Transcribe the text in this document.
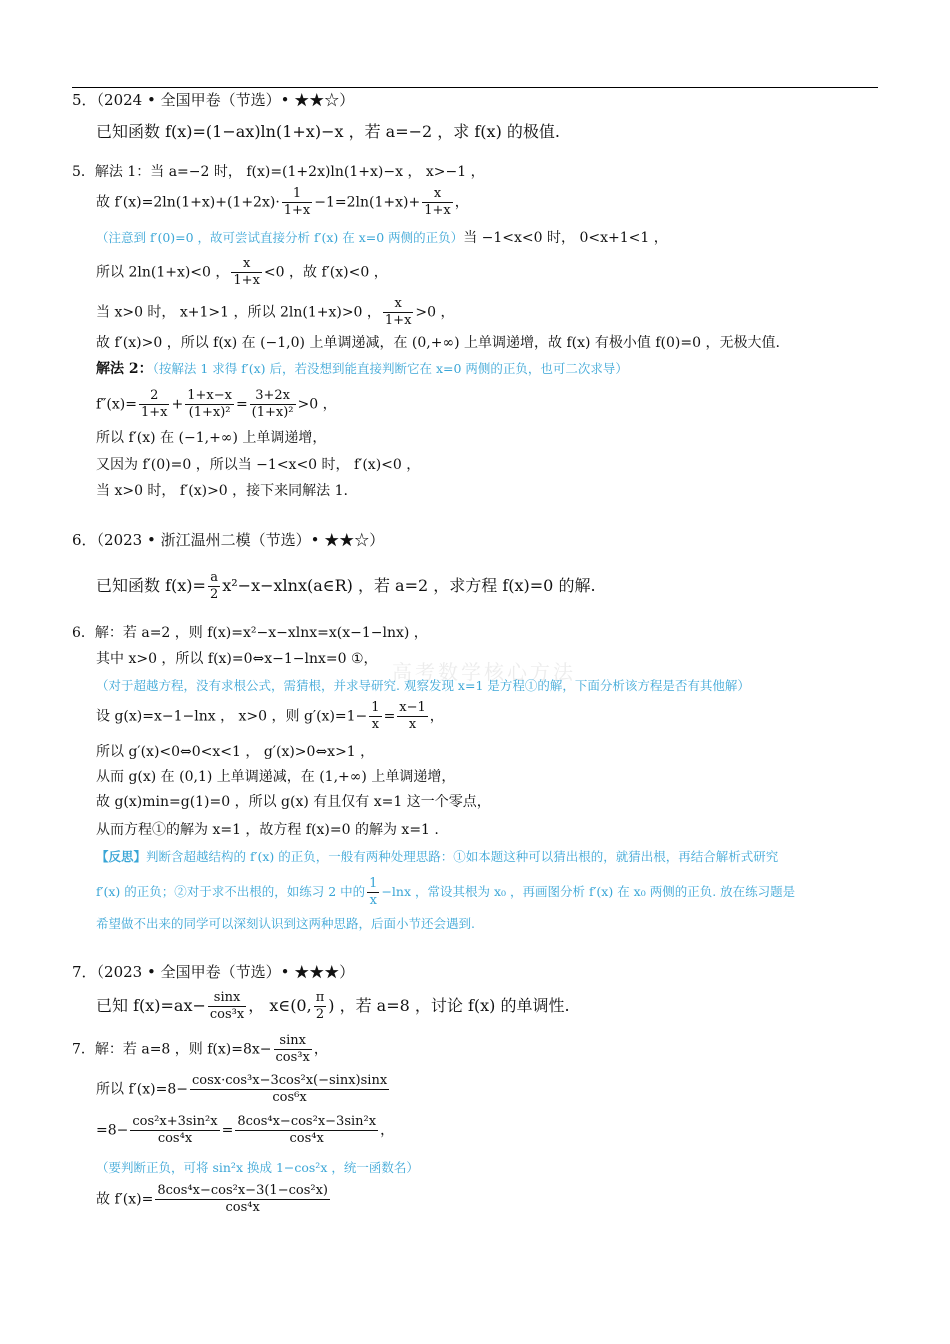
高考数学核心方法
5．（2024 • 全国甲卷（节选）• ★★☆）
已知函数 f(x)=(1−ax)ln(1+x)−x ，若 a=−2 ，求 f(x) 的极值.
5．解法 1：当 a=−2 时， f(x)=(1+2x)ln(1+x)−x ， x>−1 ，
故 $f'(x)=2\ln(1+x)+(1+2x)\cdot \frac{1}{1+x} -1=2\ln(1+x)+ \frac{x}{1+x}$ ，
（注意到 f′(0)=0 ，故可尝试直接分析 f′(x) 在 x=0 两侧的正负）当 −1<x<0 时， 0<x+1<1 ，
所以 2ln(1+x)<0 ， $\frac{x}{1+x} <0$ ，故 f′(x)<0 ，
当 x>0 时， x+1>1 ，所以 2ln(1+x)>0 ， $\frac{x}{1+x} >0$ ，
故 f′(x)>0 ，所以 f(x) 在 (−1,0) 上单调递减，在 (0,+∞) 上单调递增，故 f(x) 有极小值 f(0)=0 ，无极大值.
解法 2：（按解法 1 求得 f′(x) 后，若没想到能直接判断它在 x=0 两侧的正负，也可二次求导）
$f''(x)= \frac{2}{1+x} + \frac{1+x-x}{\text{(1+x)²}} = \frac{3+2x}{\text{(1+x)²}} >0$ ，
所以 f′(x) 在 (−1,+∞) 上单调递增，
又因为 f′(0)=0 ，所以当 −1<x<0 时， f′(x)<0 ，
当 x>0 时， f′(x)>0 ，接下来同解法 1.
6．（2023 • 浙江温州二模（节选）• ★★☆）
已知函数 $f(x)= \frac{a}{2}$ x²−x−xlnx(a∈R) ，若 a=2 ，求方程 f(x)=0 的解.
6．解：若 a=2 ，则 f(x)=x²−x−xlnx=x(x−1−lnx) ，
其中 x>0 ，所以 f(x)=0⇔x−1−lnx=0 ①，
（对于超越方程，没有求根公式，需猜根，并求导研究. 观察发现 x=1 是方程①的解，下面分析该方程是否有其他解）
设 g(x)=x−1−lnx ， x>0 ，则 $g'(x)=1- \frac{1}{x} = \frac{x-1}{x}$ ，
所以 g′(x)<0⇔0<x<1 ， g′(x)>0⇔x>1 ，
从而 g(x) 在 (0,1) 上单调递减，在 (1,+∞) 上单调递增，
故 g(x)min=g(1)=0 ，所以 g(x) 有且仅有 x=1 这一个零点，
从而方程①的解为 x=1 ，故方程 f(x)=0 的解为 x=1 .
【反思】判断含超越结构的 f′(x) 的正负，一般有两种处理思路：①如本题这种可以猜出根的，就猜出根，再结合解析式研究
f′(x) 的正负；②对于求不出根的，如练习 2 中的 $\frac{1}{x} -\ln x$ ，常设其根为 x₀ ，再画图分析 f′(x) 在 x₀ 两侧的正负. 放在练习题是
希望做不出来的同学可以深刻认识到这两种思路，后面小节还会遇到.
7．（2023 • 全国甲卷（节选）• ★★★）
已知 $f(x)=ax- \frac{\sin x}{\text{cos³x}}$ ， x∈(0, $\frac{\pi}{2}$ ) ，若 a=8 ，讨论 f(x) 的单调性.
7．解：若 a=8 ，则 $f(x)=8x- \frac{\sin x}{\text{cos³x}}$ ，
所以 $f'(x)=8- \frac{\text{cosx·cos³x−3cos²x(−sinx)sinx}}{\text{cos⁶x}}$
$=8- \frac{\text{cos²x+3sin²x}}{\text{cos⁴x}} = \frac{\text{8cos⁴x−cos²x−3sin²x}}{\text{cos⁴x}}$ ，
（要判断正负，可将 sin²x 换成 1−cos²x ，统一函数名）
故 $f'(x)= \frac{\text{8cos⁴x−cos²x−3(1−cos²x)}}{\text{cos⁴x}}$
